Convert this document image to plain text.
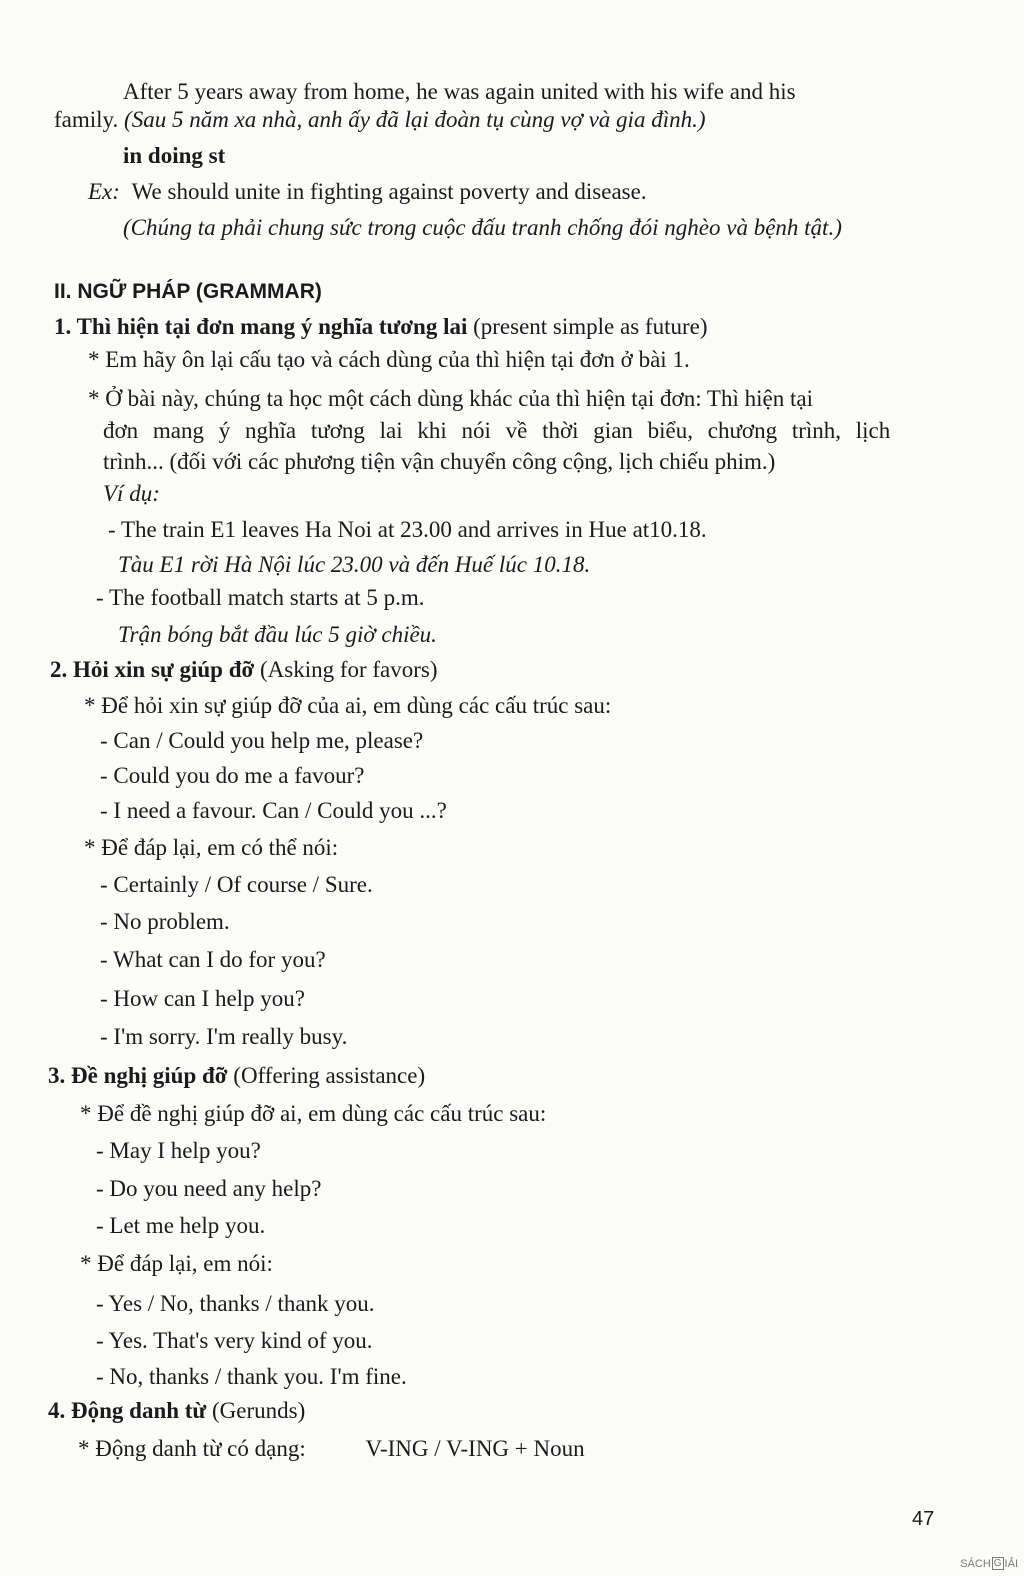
After 5 years away from home, he was again united with his wife and his
family. (Sau 5 năm xa nhà, anh ấy đã lại đoàn tụ cùng vợ và gia đình.)
in doing st
Ex: We should unite in fighting against poverty and disease.
(Chúng ta phải chung sức trong cuộc đấu tranh chống đói nghèo và bệnh tật.)
II. NGỮ PHÁP (GRAMMAR)
1. Thì hiện tại đơn mang ý nghĩa tương lai (present simple as future)
* Em hãy ôn lại cấu tạo và cách dùng của thì hiện tại đơn ở bài 1.
* Ở bài này, chúng ta học một cách dùng khác của thì hiện tại đơn: Thì hiện tại
đơn mang ý nghĩa tương lai khi nói về thời gian biểu, chương trình, lịch
trình... (đối với các phương tiện vận chuyển công cộng, lịch chiếu phim.)
Ví dụ:
- The train E1 leaves Ha Noi at 23.00 and arrives in Hue at10.18.
Tàu E1 rời Hà Nội lúc 23.00 và đến Huế lúc 10.18.
- The football match starts at 5 p.m.
Trận bóng bắt đầu lúc 5 giờ chiều.
2. Hỏi xin sự giúp đỡ (Asking for favors)
* Để hỏi xin sự giúp đỡ của ai, em dùng các cấu trúc sau:
- Can / Could you help me, please?
- Could you do me a favour?
- I need a favour. Can / Could you ...?
* Để đáp lại, em có thể nói:
- Certainly / Of course / Sure.
- No problem.
- What can I do for you?
- How can I help you?
- I'm sorry. I'm really busy.
3. Đề nghị giúp đỡ (Offering assistance)
* Để đề nghị giúp đỡ ai, em dùng các cấu trúc sau:
- May I help you?
- Do you need any help?
- Let me help you.
* Để đáp lại, em nói:
- Yes / No, thanks / thank you.
- Yes. That's very kind of you.
- No, thanks / thank you. I'm fine.
4. Động danh từ (Gerunds)
* Động danh từ có dạng:	V-ING / V-ING + Noun
47
SÁCH G IẢI
